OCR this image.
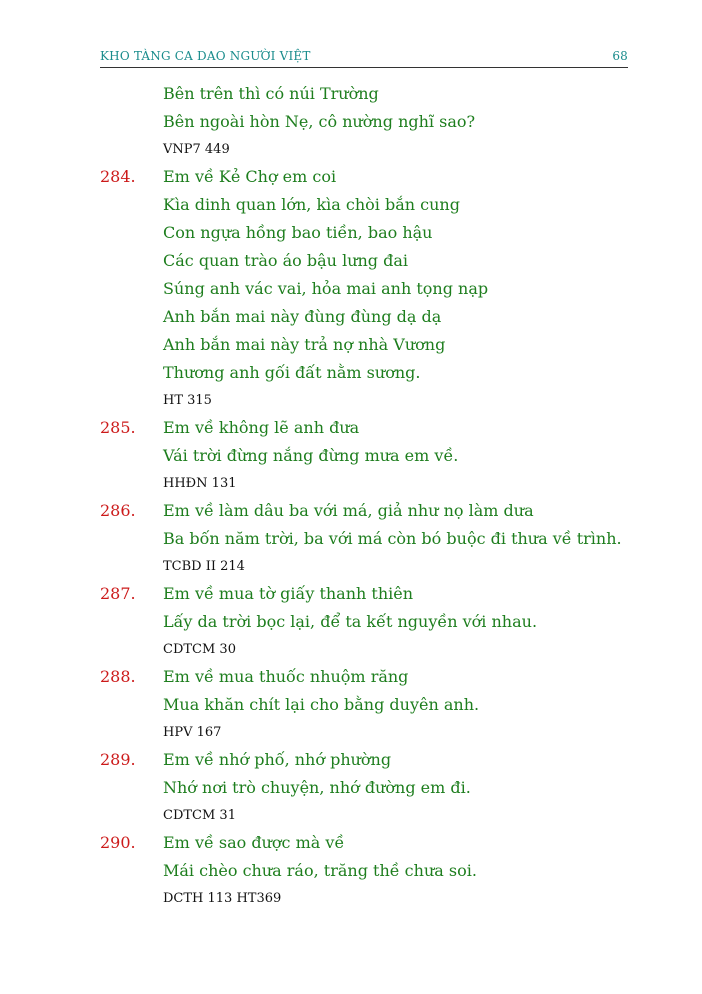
KHO TÀNG CA DAO NGƯỜI VIỆT	68
Bên trên thì có núi Trường
Bên ngoài hòn Nẹ, cô nường nghĩ sao?
VNP7 449
284. Em về Kẻ Chợ em coi
Kìa dinh quan lớn, kìa chòi bắn cung
Con ngựa hồng bao tiền, bao hậu
Các quan trào áo bậu lưng đai
Súng anh vác vai, hỏa mai anh tọng nạp
Anh bắn mai này đùng đùng dạ dạ
Anh bắn mai này trả nợ nhà Vương
Thương anh gối đất nằm sương.
HT 315
285. Em về không lẽ anh đưa
Vái trời đừng nắng đừng mưa em về.
HHĐN 131
286. Em về làm dâu ba với má, giả như nọ làm dưa
Ba bốn năm trời, ba với má còn bó buộc đi thưa về trình.
TCBD II 214
287. Em về mua tờ giấy thanh thiên
Lấy da trời bọc lại, để ta kết nguyền với nhau.
CDTCM 30
288. Em về mua thuốc nhuộm răng
Mua khăn chít lại cho bằng duyên anh.
HPV 167
289. Em về nhớ phố, nhớ phường
Nhớ nơi trò chuyện, nhớ đường em đi.
CDTCM 31
290. Em về sao được mà về
Mái chèo chưa ráo, trăng thề chưa soi.
DCTH 113 HT369
